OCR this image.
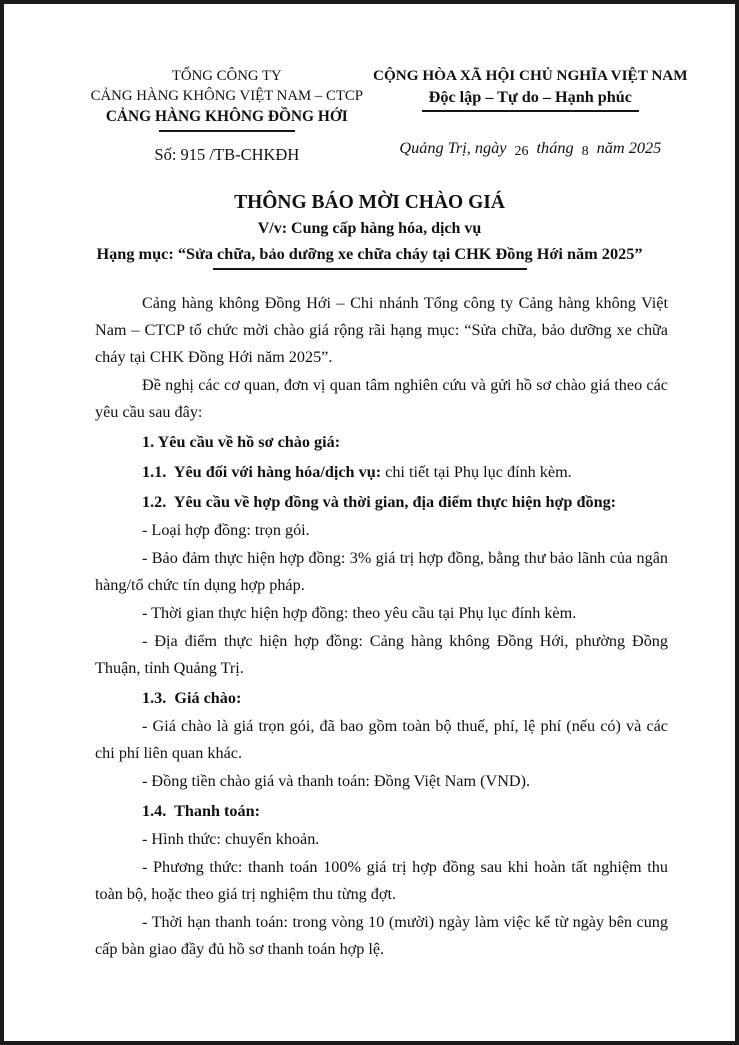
TỔNG CÔNG TY
CẢNG HÀNG KHÔNG VIỆT NAM – CTCP
CẢNG HÀNG KHÔNG ĐỒNG HỚI
Số: 915 /TB-CHKĐH
CỘNG HÒA XÃ HỘI CHỦ NGHĨA VIỆT NAM
Độc lập – Tự do – Hạnh phúc
Quảng Trị, ngày 26 tháng 8 năm 2025
THÔNG BÁO MỜI CHÀO GIÁ
V/v: Cung cấp hàng hóa, dịch vụ
Hạng mục: “Sửa chữa, bảo dưỡng xe chữa cháy tại CHK Đồng Hới năm 2025”

Cảng hàng không Đồng Hới – Chi nhánh Tổng công ty Cảng hàng không Việt Nam – CTCP tổ chức mời chào giá rộng rãi hạng mục: “Sửa chữa, bảo dưỡng xe chữa cháy tại CHK Đồng Hới năm 2025”.

Đề nghị các cơ quan, đơn vị quan tâm nghiên cứu và gửi hồ sơ chào giá theo các yêu cầu sau đây:

1. Yêu cầu về hồ sơ chào giá:

1.1.  Yêu đối với hàng hóa/dịch vụ: chi tiết tại Phụ lục đính kèm.

1.2.  Yêu cầu về hợp đồng và thời gian, địa điểm thực hiện hợp đồng:

- Loại hợp đồng: trọn gói.

- Bảo đảm thực hiện hợp đồng: 3% giá trị hợp đồng, bằng thư bảo lãnh của ngân hàng/tổ chức tín dụng hợp pháp.

- Thời gian thực hiện hợp đồng: theo yêu cầu tại Phụ lục đính kèm.

- Địa điểm thực hiện hợp đồng: Cảng hàng không Đồng Hới, phường Đồng Thuận, tỉnh Quảng Trị.

1.3.  Giá chào:

- Giá chào là giá trọn gói, đã bao gồm toàn bộ thuế, phí, lệ phí (nếu có) và các chi phí liên quan khác.

- Đồng tiền chào giá và thanh toán: Đồng Việt Nam (VND).

1.4.  Thanh toán:

- Hình thức: chuyển khoản.

- Phương thức: thanh toán 100% giá trị hợp đồng sau khi hoàn tất nghiệm thu toàn bộ, hoặc theo giá trị nghiệm thu từng đợt.

- Thời hạn thanh toán: trong vòng 10 (mười) ngày làm việc kể từ ngày bên cung cấp bàn giao đầy đủ hồ sơ thanh toán hợp lệ.
